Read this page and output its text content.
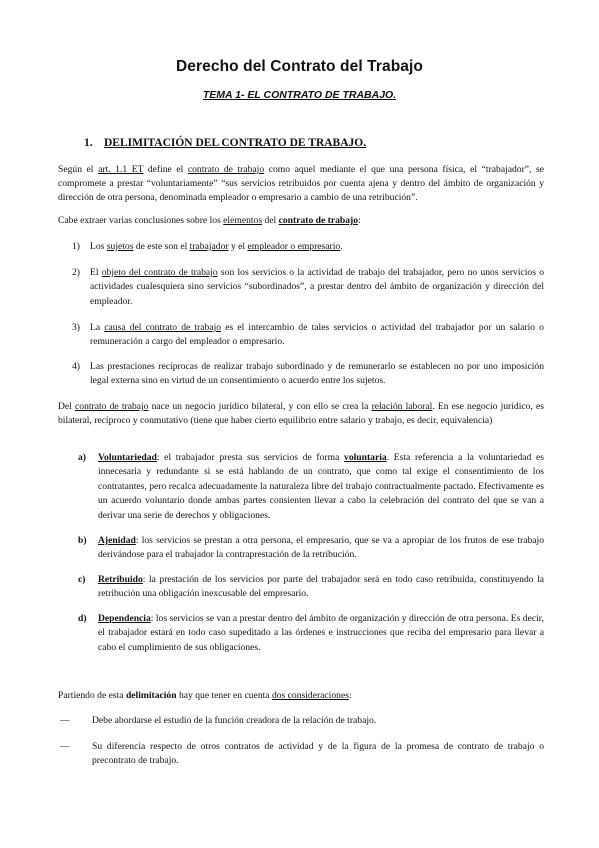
Derecho del Contrato del Trabajo
TEMA 1- EL CONTRATO DE TRABAJO.
1. DELIMITACIÓN DEL CONTRATO DE TRABAJO.
Según el art. 1.1 ET define el contrato de trabajo como aquel mediante el que una persona física, el “trabajador”, se compromete a prestar “voluntariamente” “sus servicios retribuidos por cuenta ajena y dentro del ámbito de organización y dirección de otra persona, denominada empleador o empresario a cambio de una retribución”.
Cabe extraer varias conclusiones sobre los elementos del contrato de trabajo:
1) Los sujetos de este son el trabajador y el empleador o empresario.
2) El objeto del contrato de trabajo son los servicios o la actividad de trabajo del trabajador, pero no unos servicios o actividades cualesquiera sino servicios “subordinados”, a prestar dentro del ámbito de organización y dirección del empleador.
3) La causa del contrato de trabajo es el intercambio de tales servicios o actividad del trabajador por un salario o remuneración a cargo del empleador o empresario.
4) Las prestaciones recíprocas de realizar trabajo subordinado y de remunerarlo se establecen no por uno imposición legal externa sino en virtud de un consentimiento o acuerdo entre los sujetos.
Del contrato de trabajo nace un negocio jurídico bilateral, y con ello se crea la relación laboral. En ese negocio jurídico, es bilateral, recíproco y conmutativo (tiene que haber cierto equilibrio entre salario y trabajo, es decir, equivalencia)
a) Voluntariedad: el trabajador presta sus servicios de forma voluntaria. Esta referencia a la voluntariedad es innecesaria y redundante si se está hablando de un contrato, que como tal exige el consentimiento de los contratantes, pero recalca adecuadamente la naturaleza libre del trabajo contractualmente pactado. Efectivamente es un acuerdo voluntario donde ambas partes consienten llevar a cabo la celebración del contrato del que se van a derivar una serie de derechos y obligaciones.
b) Ajenidad: los servicios se prestan a otra persona, el empresario, que se va a apropiar de los frutos de ese trabajo derivándose para el trabajador la contraprestación de la retribución.
c) Retribuido: la prestación de los servicios por parte del trabajador será en todo caso retribuida, constituyendo la retribución una obligación inexcusable del empresario.
d) Dependencia: los servicios se van a prestar dentro del ámbito de organización y dirección de otra persona. Es decir, el trabajador estará en todo caso supeditado a las órdenes e instrucciones que reciba del empresario para llevar a cabo el cumplimiento de sus obligaciones.
Partiendo de esta delimitación hay que tener en cuenta dos consideraciones:
— Debe abordarse el estudio de la función creadora de la relación de trabajo.
— Su diferencia respecto de otros contratos de actividad y de la figura de la promesa de contrato de trabajo o precontrato de trabajo.
